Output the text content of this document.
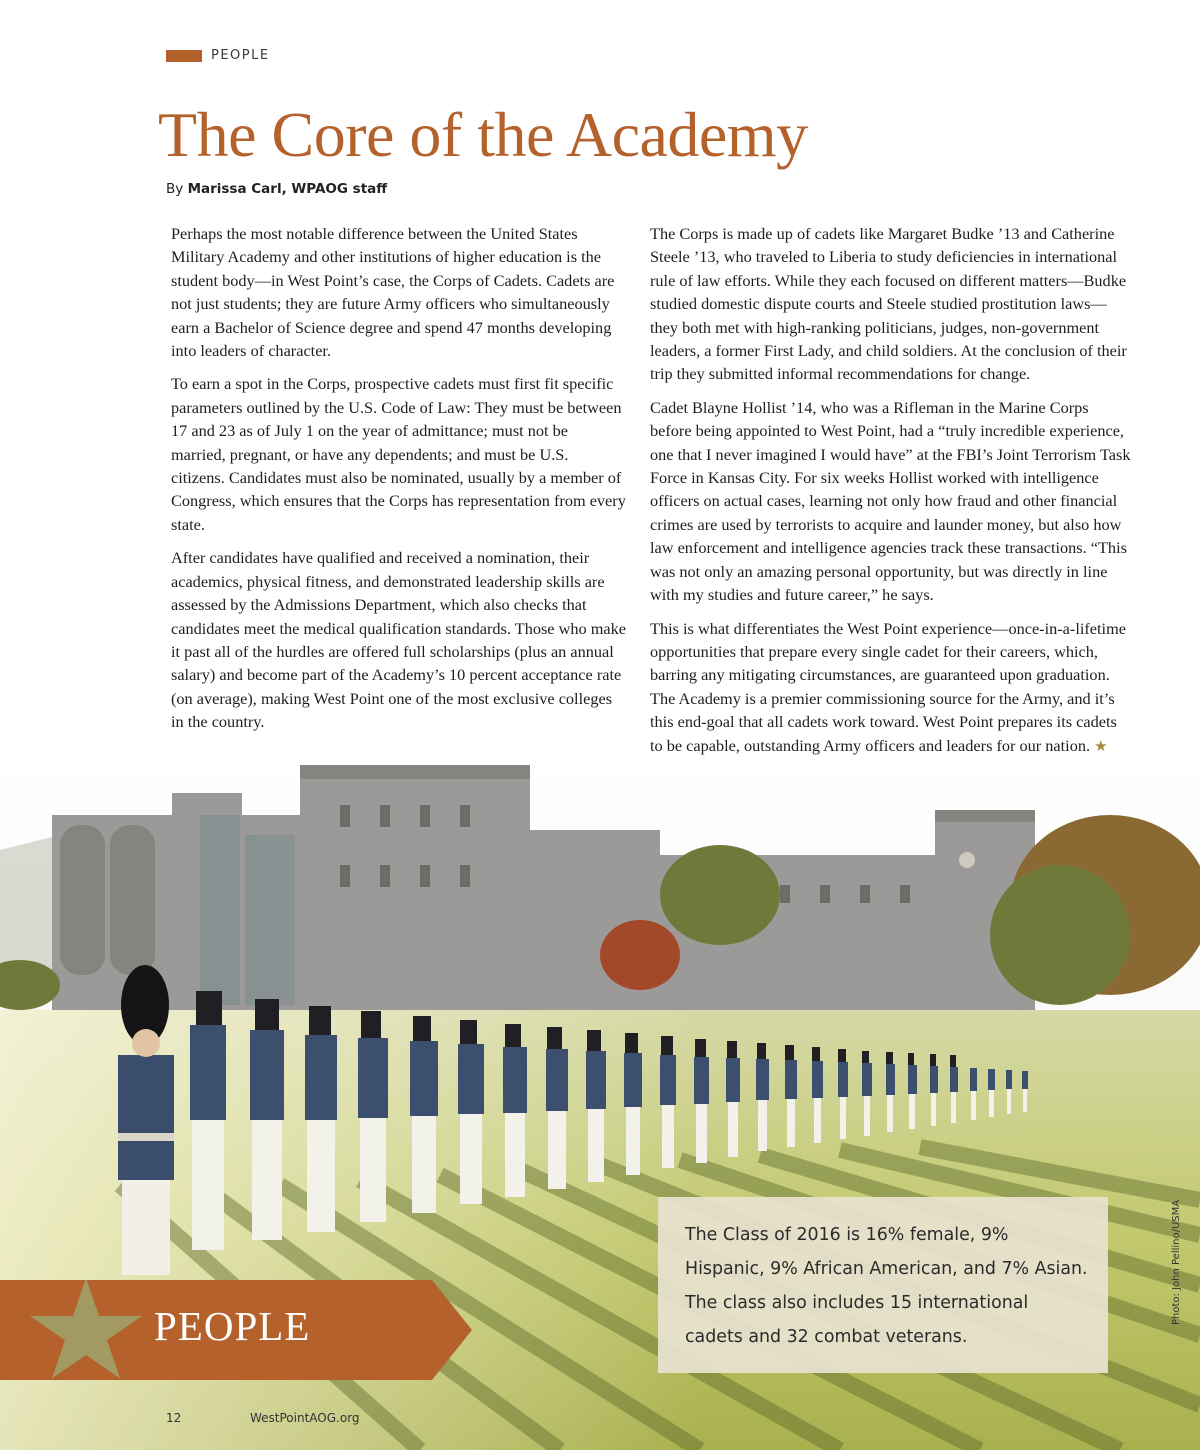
PEOPLE
The Core of the Academy
By Marissa Carl, WPAOG staff

Perhaps the most notable difference between the United States Military Academy and other institutions of higher education is the student body—in West Point’s case, the Corps of Cadets. Cadets are not just students; they are future Army officers who simultaneously earn a Bachelor of Science degree and spend 47 months developing into leaders of character.

To earn a spot in the Corps, prospective cadets must first fit specific parameters outlined by the U.S. Code of Law: They must be between 17 and 23 as of July 1 on the year of admittance; must not be married, pregnant, or have any dependents; and must be U.S. citizens. Candidates must also be nominated, usually by a member of Congress, which ensures that the Corps has representation from every state.

After candidates have qualified and received a nomination, their academics, physical fitness, and demonstrated leadership skills are assessed by the Admissions Department, which also checks that candidates meet the medical qualification standards. Those who make it past all of the hurdles are offered full scholarships (plus an annual salary) and become part of the Academy’s 10 percent acceptance rate (on average), making West Point one of the most exclusive colleges in the country.

The Corps is made up of cadets like Margaret Budke ’13 and Catherine Steele ’13, who traveled to Liberia to study deficiencies in international rule of law efforts. While they each focused on different matters—Budke studied domestic dispute courts and Steele studied prostitution laws—they both met with high-ranking politicians, judges, non-government leaders, a former First Lady, and child soldiers. At the conclusion of their trip they submitted informal recommendations for change.

Cadet Blayne Hollist ’14, who was a Rifleman in the Marine Corps before being appointed to West Point, had a “truly incredible experience, one that I never imagined I would have” at the FBI’s Joint Terrorism Task Force in Kansas City. For six weeks Hollist worked with intelligence officers on actual cases, learning not only how fraud and other financial crimes are used by terrorists to acquire and launder money, but also how law enforcement and intelligence agencies track these transactions. “This was not only an amazing personal opportunity, but was directly in line with my studies and future career,” he says.

This is what differentiates the West Point experience—once-in-a-lifetime opportunities that prepare every single cadet for their careers, which, barring any mitigating circumstances, are guaranteed upon graduation. The Academy is a premier commissioning source for the Army, and it’s this end-goal that all cadets work toward. West Point prepares its cadets to be capable, outstanding Army officers and leaders for our nation. ★

PEOPLE
The Class of 2016 is 16% female, 9% Hispanic, 9% African American, and 7% Asian. The class also includes 15 international cadets and 32 combat veterans.
Photo: John Pellino/USMA
12	WestPointAOG.org
